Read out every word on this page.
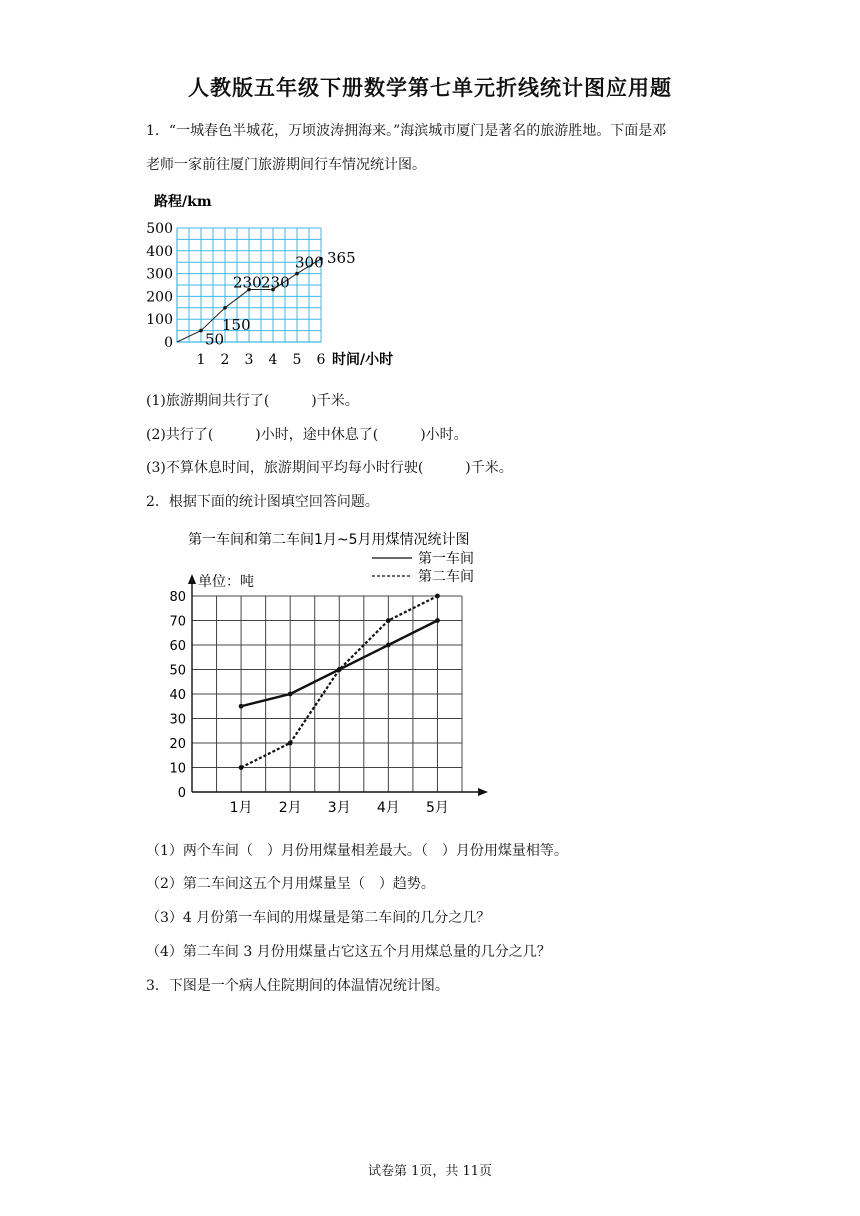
人教版五年级下册数学第七单元折线统计图应用题
1．“一城春色半城花，万顷波涛拥海来。”海滨城市厦门是著名的旅游胜地。下面是邓
老师一家前往厦门旅游期间行车情况统计图。
路程/km
0
100
200
300
400
500
1 2 3 4 5 6
50
150
230 230
300 365
时间/小时
(1)旅游期间共行了(　　　)千米。
(2)共行了(　　　)小时，途中休息了(　　　)小时。
(3)不算休息时间，旅游期间平均每小时行驶(　　　)千米。
2．根据下面的统计图填空回答问题。
第一车间和第二车间1月~5月用煤情况统计图
第一车间
第二车间
单位：吨
0
10
20
30
40
50
60
70
80
1月 2月 3月 4月 5月
（1）两个车间（　）月份用煤量相差最大。（　）月份用煤量相等。
（2）第二车间这五个月用煤量呈（　）趋势。
（3）4 月份第一车间的用煤量是第二车间的几分之几？
（4）第二车间 3 月份用煤量占它这五个月用煤总量的几分之几？
3．下图是一个病人住院期间的体温情况统计图。
试卷第 1页，共 11页
